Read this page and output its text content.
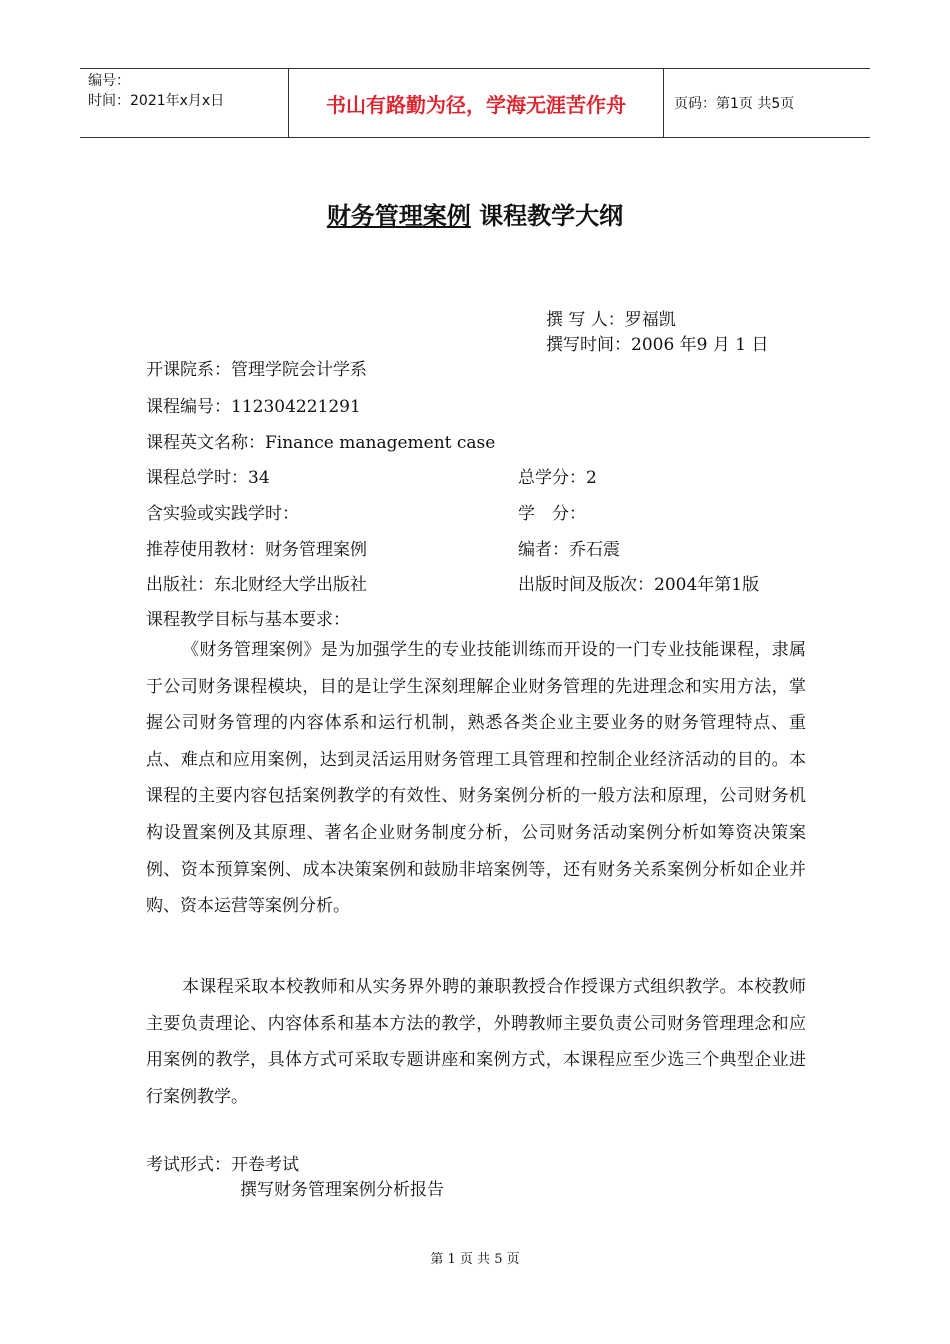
编号：
时间：2021年x月x日	书山有路勤为径，学海无涯苦作舟	页码：第1页 共5页
财务管理案例 课程教学大纲
撰 写 人：罗福凯
撰写时间：2006 年9 月 1 日
开课院系：管理学院会计学系
课程编号：112304221291
课程英文名称：Finance management case
课程总学时：34	总学分：2
含实验或实践学时：	学　分：
推荐使用教材：财务管理案例	编者：乔石震
出版社：东北财经大学出版社	出版时间及版次：2004年第1版
课程教学目标与基本要求：

《财务管理案例》是为加强学生的专业技能训练而开设的一门专业技能课程，隶属于公司财务课程模块，目的是让学生深刻理解企业财务管理的先进理念和实用方法，掌握公司财务管理的内容体系和运行机制，熟悉各类企业主要业务的财务管理特点、重点、难点和应用案例，达到灵活运用财务管理工具管理和控制企业经济活动的目的。本课程的主要内容包括案例教学的有效性、财务案例分析的一般方法和原理，公司财务机构设置案例及其原理、著名企业财务制度分析，公司财务活动案例分析如筹资决策案例、资本预算案例、成本决策案例和鼓励非培案例等，还有财务关系案例分析如企业并购、资本运营等案例分析。

本课程采取本校教师和从实务界外聘的兼职教授合作授课方式组织教学。本校教师主要负责理论、内容体系和基本方法的教学，外聘教师主要负责公司财务管理理念和应用案例的教学，具体方式可采取专题讲座和案例方式，本课程应至少选三个典型企业进行案例教学。

考试形式：开卷考试
撰写财务管理案例分析报告
第 1 页 共 5 页
